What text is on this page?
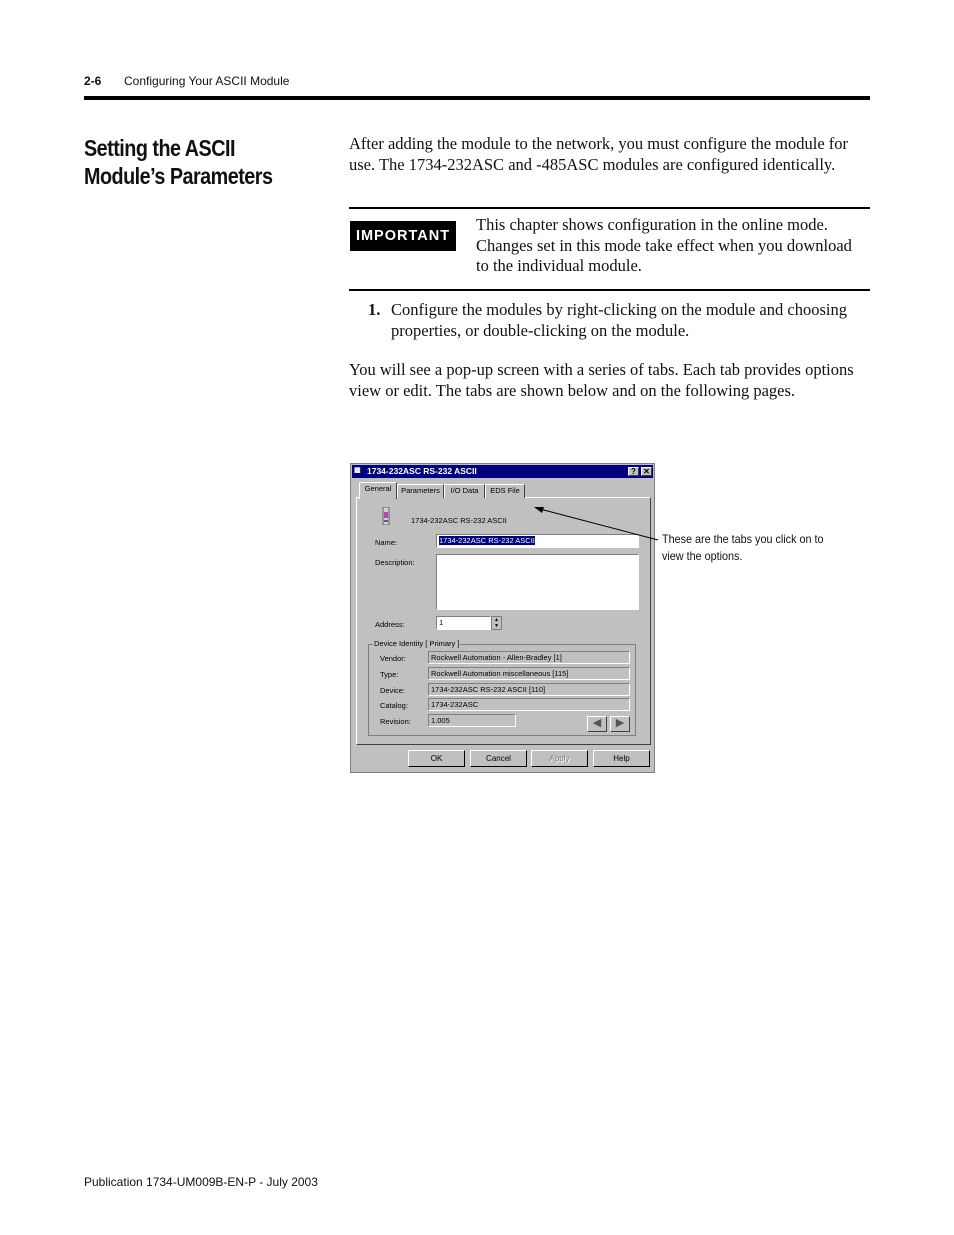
2-6 Configuring Your ASCII Module
Setting the ASCII Module’s Parameters
After adding the module to the network, you must configure the module for use. The 1734-232ASC and -485ASC modules are configured identically.
IMPORTANT
This chapter shows configuration in the online mode. Changes set in this mode take effect when you download to the individual module.
1. Configure the modules by right-clicking on the module and choosing properties, or double-clicking on the module.
You will see a pop-up screen with a series of tabs. Each tab provides options view or edit. The tabs are shown below and on the following pages.
▦ 1734-232ASC RS-232 ASCII	? ✕
General	Parameters	I/O Data	EDS File
1734-232ASC RS-232 ASCII
Name:	1734-232ASC RS-232 ASCII
Description:
Address:	1	▲
▼
Device Identity [ Primary ]
Vendor:	Rockwell Automation - Allen-Bradley [1]
Type:	Rockwell Automation miscellaneous [115]
Device:	1734-232ASC RS-232 ASCII [110]
Catalog:	1734-232ASC
Revision:	1.005	◀	▶
OK	Cancel	Apply	Help
These are the tabs you click on to view the options.
Publication 1734-UM009B-EN-P - July 2003
